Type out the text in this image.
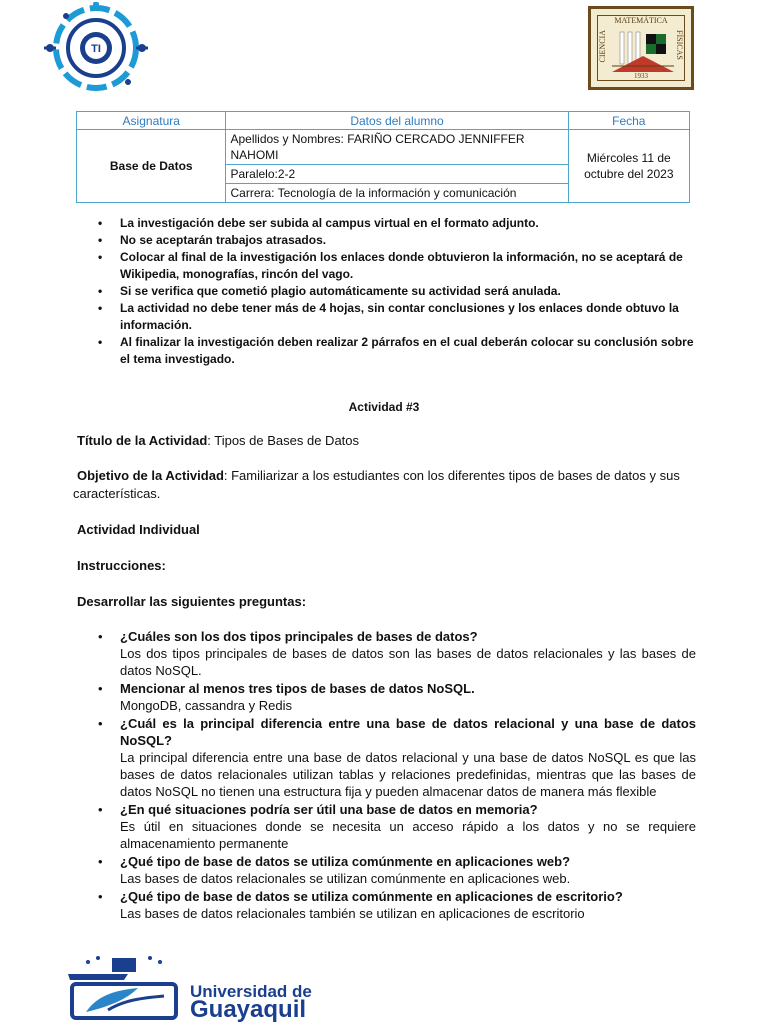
TI
MATEMÁTICA
CIENCIA	FÍSICAS
1933
Asignatura	Datos del alumno	Fecha
Base de Datos	Apellidos y Nombres: FARIÑO CERCADO JENNIFFER NAHOMI	Miércoles 11 de octubre del 2023
	Paralelo:2-2	
	Carrera: Tecnología de la información y comunicación	
• La investigación debe ser subida al campus virtual en el formato adjunto.
• No se aceptarán trabajos atrasados.
• Colocar al final de la investigación los enlaces donde obtuvieron la información, no se aceptará de Wikipedia, monografías, rincón del vago.
• Si se verifica que cometió plagio automáticamente su actividad será anulada.
• La actividad no debe tener más de 4 hojas, sin contar conclusiones y los enlaces donde obtuvo la información.
• Al finalizar la investigación deben realizar 2 párrafos en el cual deberán colocar su conclusión sobre el tema investigado.
Actividad #3
Título de la Actividad: Tipos de Bases de Datos
Objetivo de la Actividad: Familiarizar a los estudiantes con los diferentes tipos de bases de datos y sus características.
Actividad Individual
Instrucciones:
Desarrollar las siguientes preguntas:
• ¿Cuáles son los dos tipos principales de bases de datos?
Los dos tipos principales de bases de datos son las bases de datos relacionales y las bases de datos NoSQL.
• Mencionar al menos tres tipos de bases de datos NoSQL.
MongoDB, cassandra y Redis
• ¿Cuál es la principal diferencia entre una base de datos relacional y una base de datos NoSQL?
La principal diferencia entre una base de datos relacional y una base de datos NoSQL es que las bases de datos relacionales utilizan tablas y relaciones predefinidas, mientras que las bases de datos NoSQL no tienen una estructura fija y pueden almacenar datos de manera más flexible
• ¿En qué situaciones podría ser útil una base de datos en memoria?
Es útil en situaciones donde se necesita un acceso rápido a los datos y no se requiere almacenamiento permanente
• ¿Qué tipo de base de datos se utiliza comúnmente en aplicaciones web?
Las bases de datos relacionales se utilizan comúnmente en aplicaciones web.
• ¿Qué tipo de base de datos se utiliza comúnmente en aplicaciones de escritorio?
Las bases de datos relacionales también se utilizan en aplicaciones de escritorio
Universidad de
Guayaquil
